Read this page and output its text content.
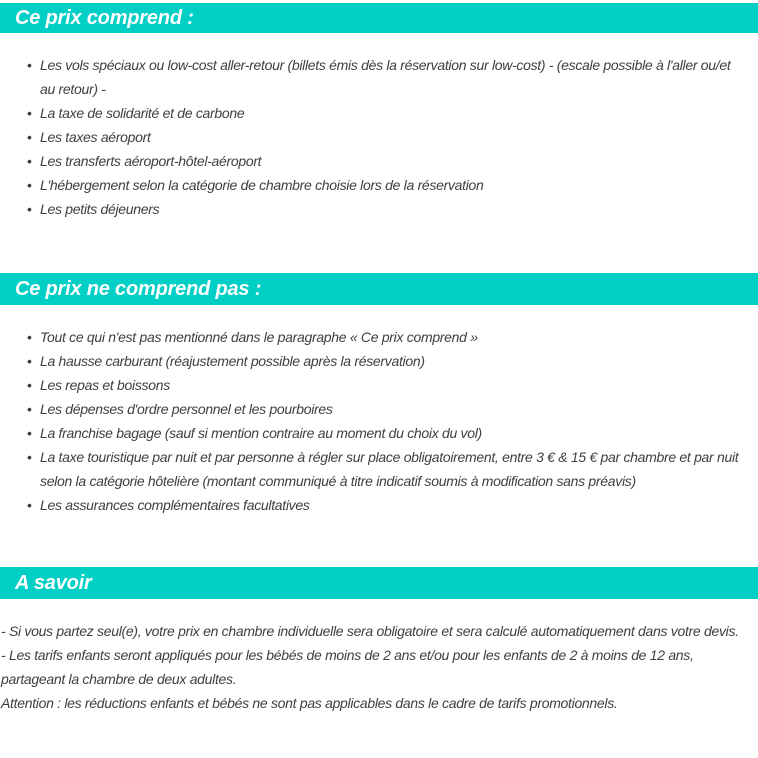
Ce prix comprend :
• Les vols spéciaux ou low-cost aller-retour (billets émis dès la réservation sur low-cost) - (escale possible à l'aller ou/et au retour) -
• La taxe de solidarité et de carbone
• Les taxes aéroport
• Les transferts aéroport-hôtel-aéroport
• L'hébergement selon la catégorie de chambre choisie lors de la réservation
• Les petits déjeuners
Ce prix ne comprend pas :
• Tout ce qui n'est pas mentionné dans le paragraphe « Ce prix comprend »
• La hausse carburant (réajustement possible après la réservation)
• Les repas et boissons
• Les dépenses d'ordre personnel et les pourboires
• La franchise bagage (sauf si mention contraire au moment du choix du vol)
• La taxe touristique par nuit et par personne à régler sur place obligatoirement, entre 3 € & 15 € par chambre et par nuit selon la catégorie hôtelière (montant communiqué à titre indicatif soumis à modification sans préavis)
• Les assurances complémentaires facultatives
A savoir

- Si vous partez seul(e), votre prix en chambre individuelle sera obligatoire et sera calculé automatiquement dans votre devis.

- Les tarifs enfants seront appliqués pour les bébés de moins de 2 ans et/ou pour les enfants de 2 à moins de 12 ans, partageant la chambre de deux adultes.

Attention : les réductions enfants et bébés ne sont pas applicables dans le cadre de tarifs promotionnels.
